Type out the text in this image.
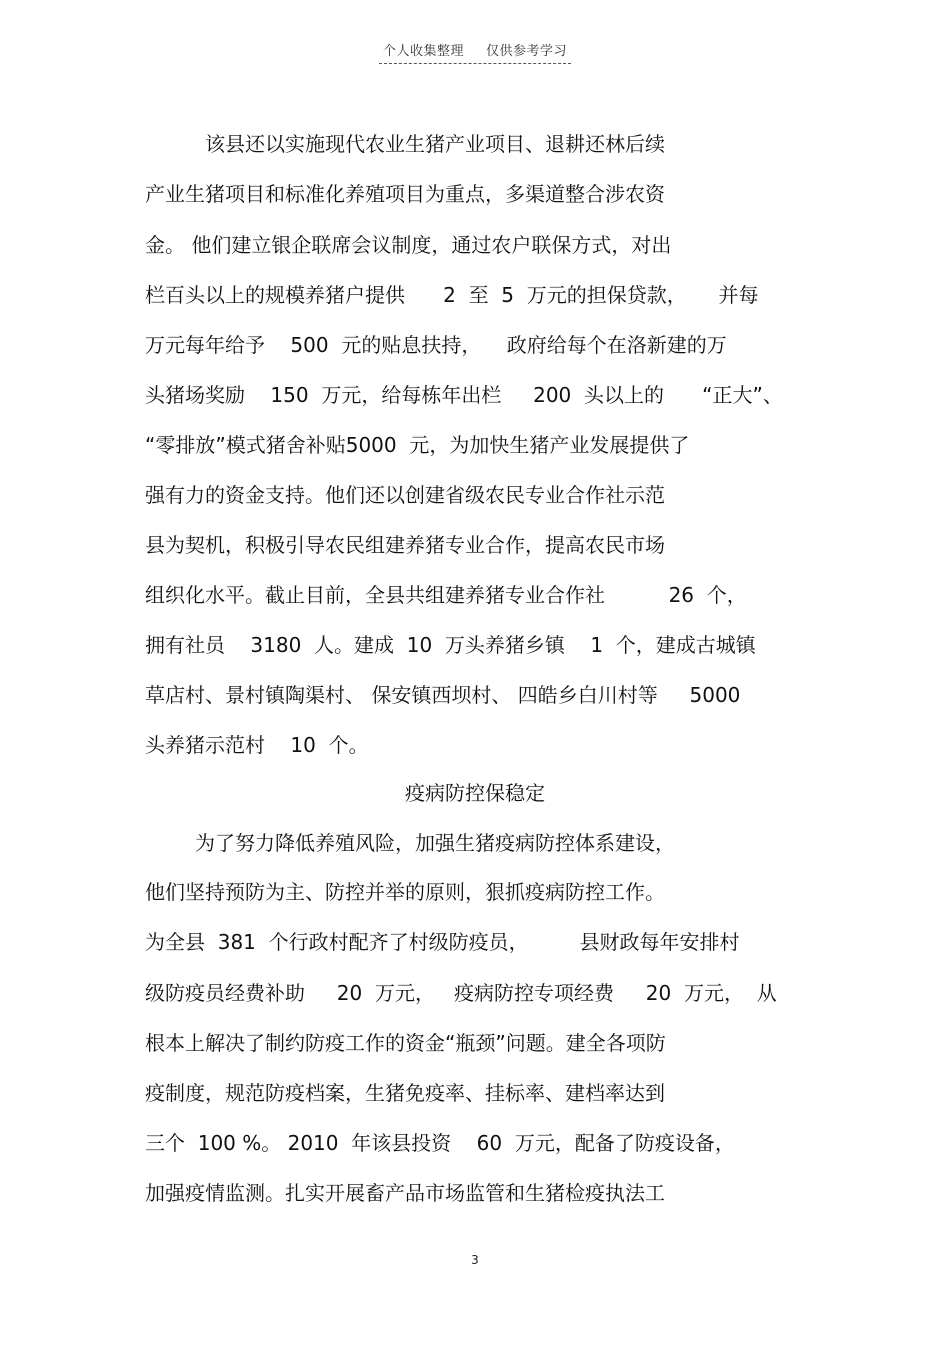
个人收集整理 仅供参考学习
该县还以实施现代农业生猪产业项目、退耕还林后续
产业生猪项目和标准化养殖项目为重点，多渠道整合涉农资
金。 他们建立银企联席会议制度，通过农户联保方式，对出
栏百头以上的规模养猪户提供      2  至  5  万元的担保贷款，     并每
万元每年给予    500  元的贴息扶持，    政府给每个在洛新建的万
头猪场奖励    150  万元，给每栋年出栏     200  头以上的      “正大”、
“零排放”模式猪舍补贴5000  元，为加快生猪产业发展提供了
强有力的资金支持。他们还以创建省级农民专业合作社示范
县为契机，积极引导农民组建养猪专业合作，提高农民市场
组织化水平。截止目前，全县共组建养猪专业合作社          26  个，
拥有社员    3180  人。建成  10  万头养猪乡镇    1  个，建成古城镇
草店村、景村镇陶渠村、 保安镇西坝村、 四皓乡白川村等     5000
头养猪示范村    10  个。
疫病防控保稳定
为了努力降低养殖风险，加强生猪疫病防控体系建设，
他们坚持预防为主、防控并举的原则，狠抓疫病防控工作。
为全县  381  个行政村配齐了村级防疫员，        县财政每年安排村
级防疫员经费补助     20  万元，   疫病防控专项经费     20  万元，  从
根本上解决了制约防疫工作的资金“瓶颈”问题。建全各项防
疫制度，规范防疫档案，生猪免疫率、挂标率、建档率达到
三个  100 %。 2010  年该县投资    60  万元，配备了防疫设备，
加强疫情监测。扎实开展畜产品市场监管和生猪检疫执法工
3
